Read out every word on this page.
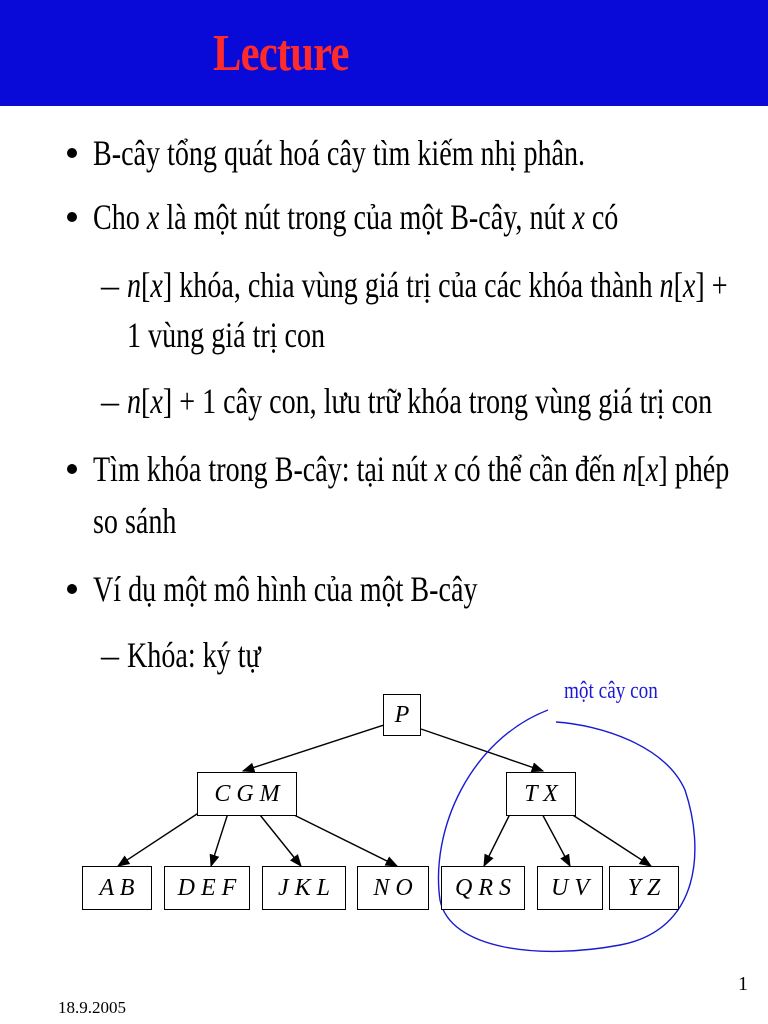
Lecture
B-cây tổng quát hoá cây tìm kiếm nhị phân.
Cho x là một nút trong của một B-cây, nút x có
– n[x] khóa, chia vùng giá trị của các khóa thành n[x] +
1 vùng giá trị con
– n[x] + 1 cây con, lưu trữ khóa trong vùng giá trị con
Tìm khóa trong B-cây: tại nút x có thể cần đến n[x] phép
so sánh
Ví dụ một mô hình của một B-cây
– Khóa: ký tự
P
C G M	T X
A B	D E F	J K L	N O	Q R S	U V	Y Z
một cây con
1
18.9.2005
